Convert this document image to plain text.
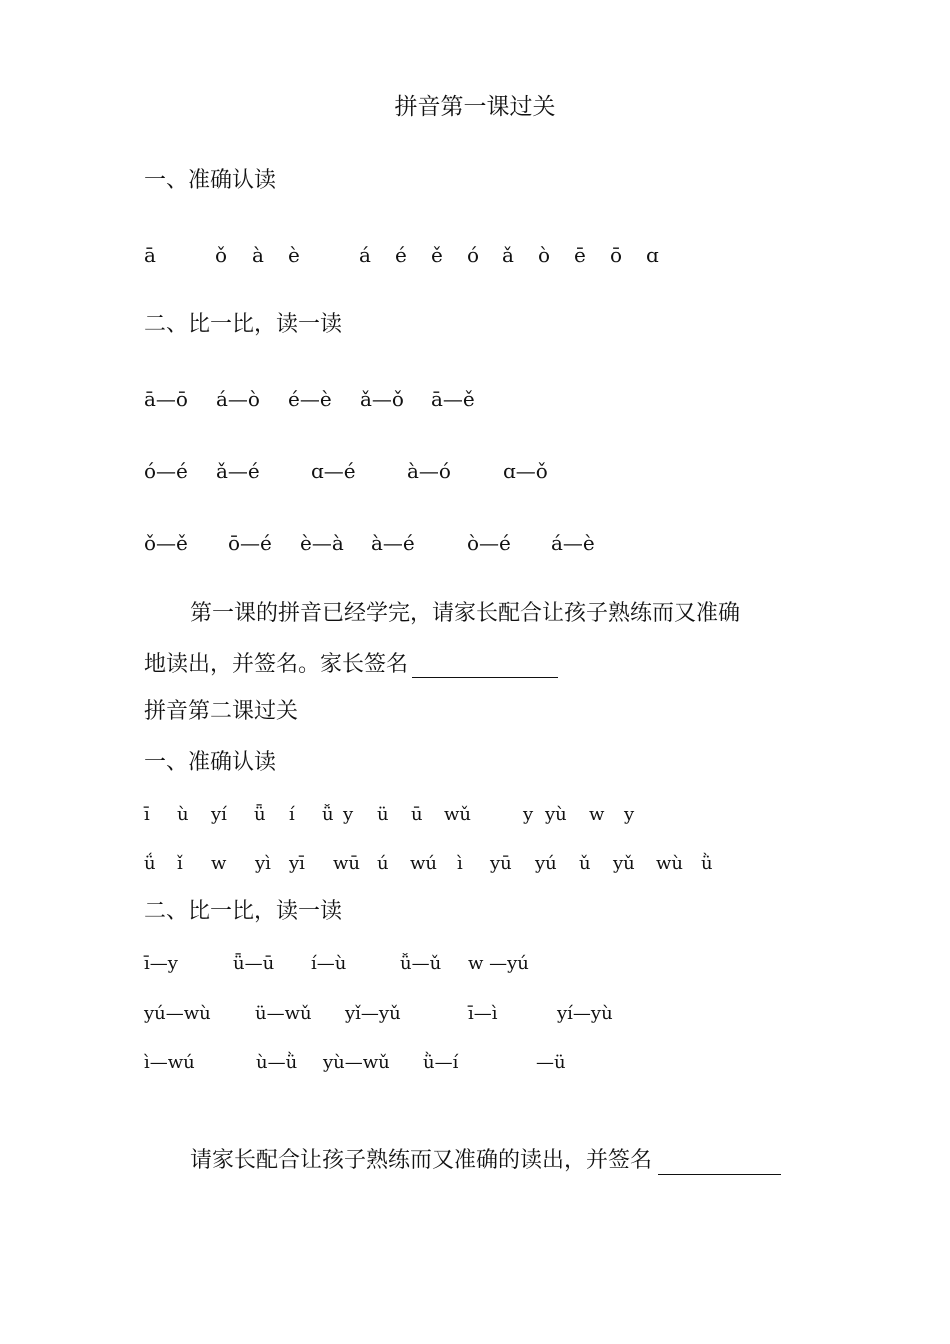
拼音第一课过关
一、准确认读
ā	ǒ à è	á é ě ó ǎ ò ē ō ɑ
二、比一比，读一读
ā—ō á—ò é—è ǎ—ǒ ā—ě
ó—é ǎ—é	ɑ—é	à—ó	ɑ—ǒ
ǒ—ě ō—é è—à à—é	ò—é á—è
第一课的拼音已经学完，请家长配合让孩子熟练而又准确
地读出，并签名。家长签名
拼音第二课过关
一、准确认读
ī ù yí ǖ í ǚ y ü ū wǔ	y yù w y
ǘ ǐ w yì yī wū ú wú ì yū yú ǔ yǔ wù ǜ
二、比一比，读一读
ī—y	ǖ—ū í—ù	ǚ—ǔ w —yú
yú—wù ü—wǔ yǐ—yǔ	ī—ì	yí—yù
ì—wú	ù—ǜ yù—wǔ ǜ—í	—ü
请家长配合让孩子熟练而又准确的读出，并签名
